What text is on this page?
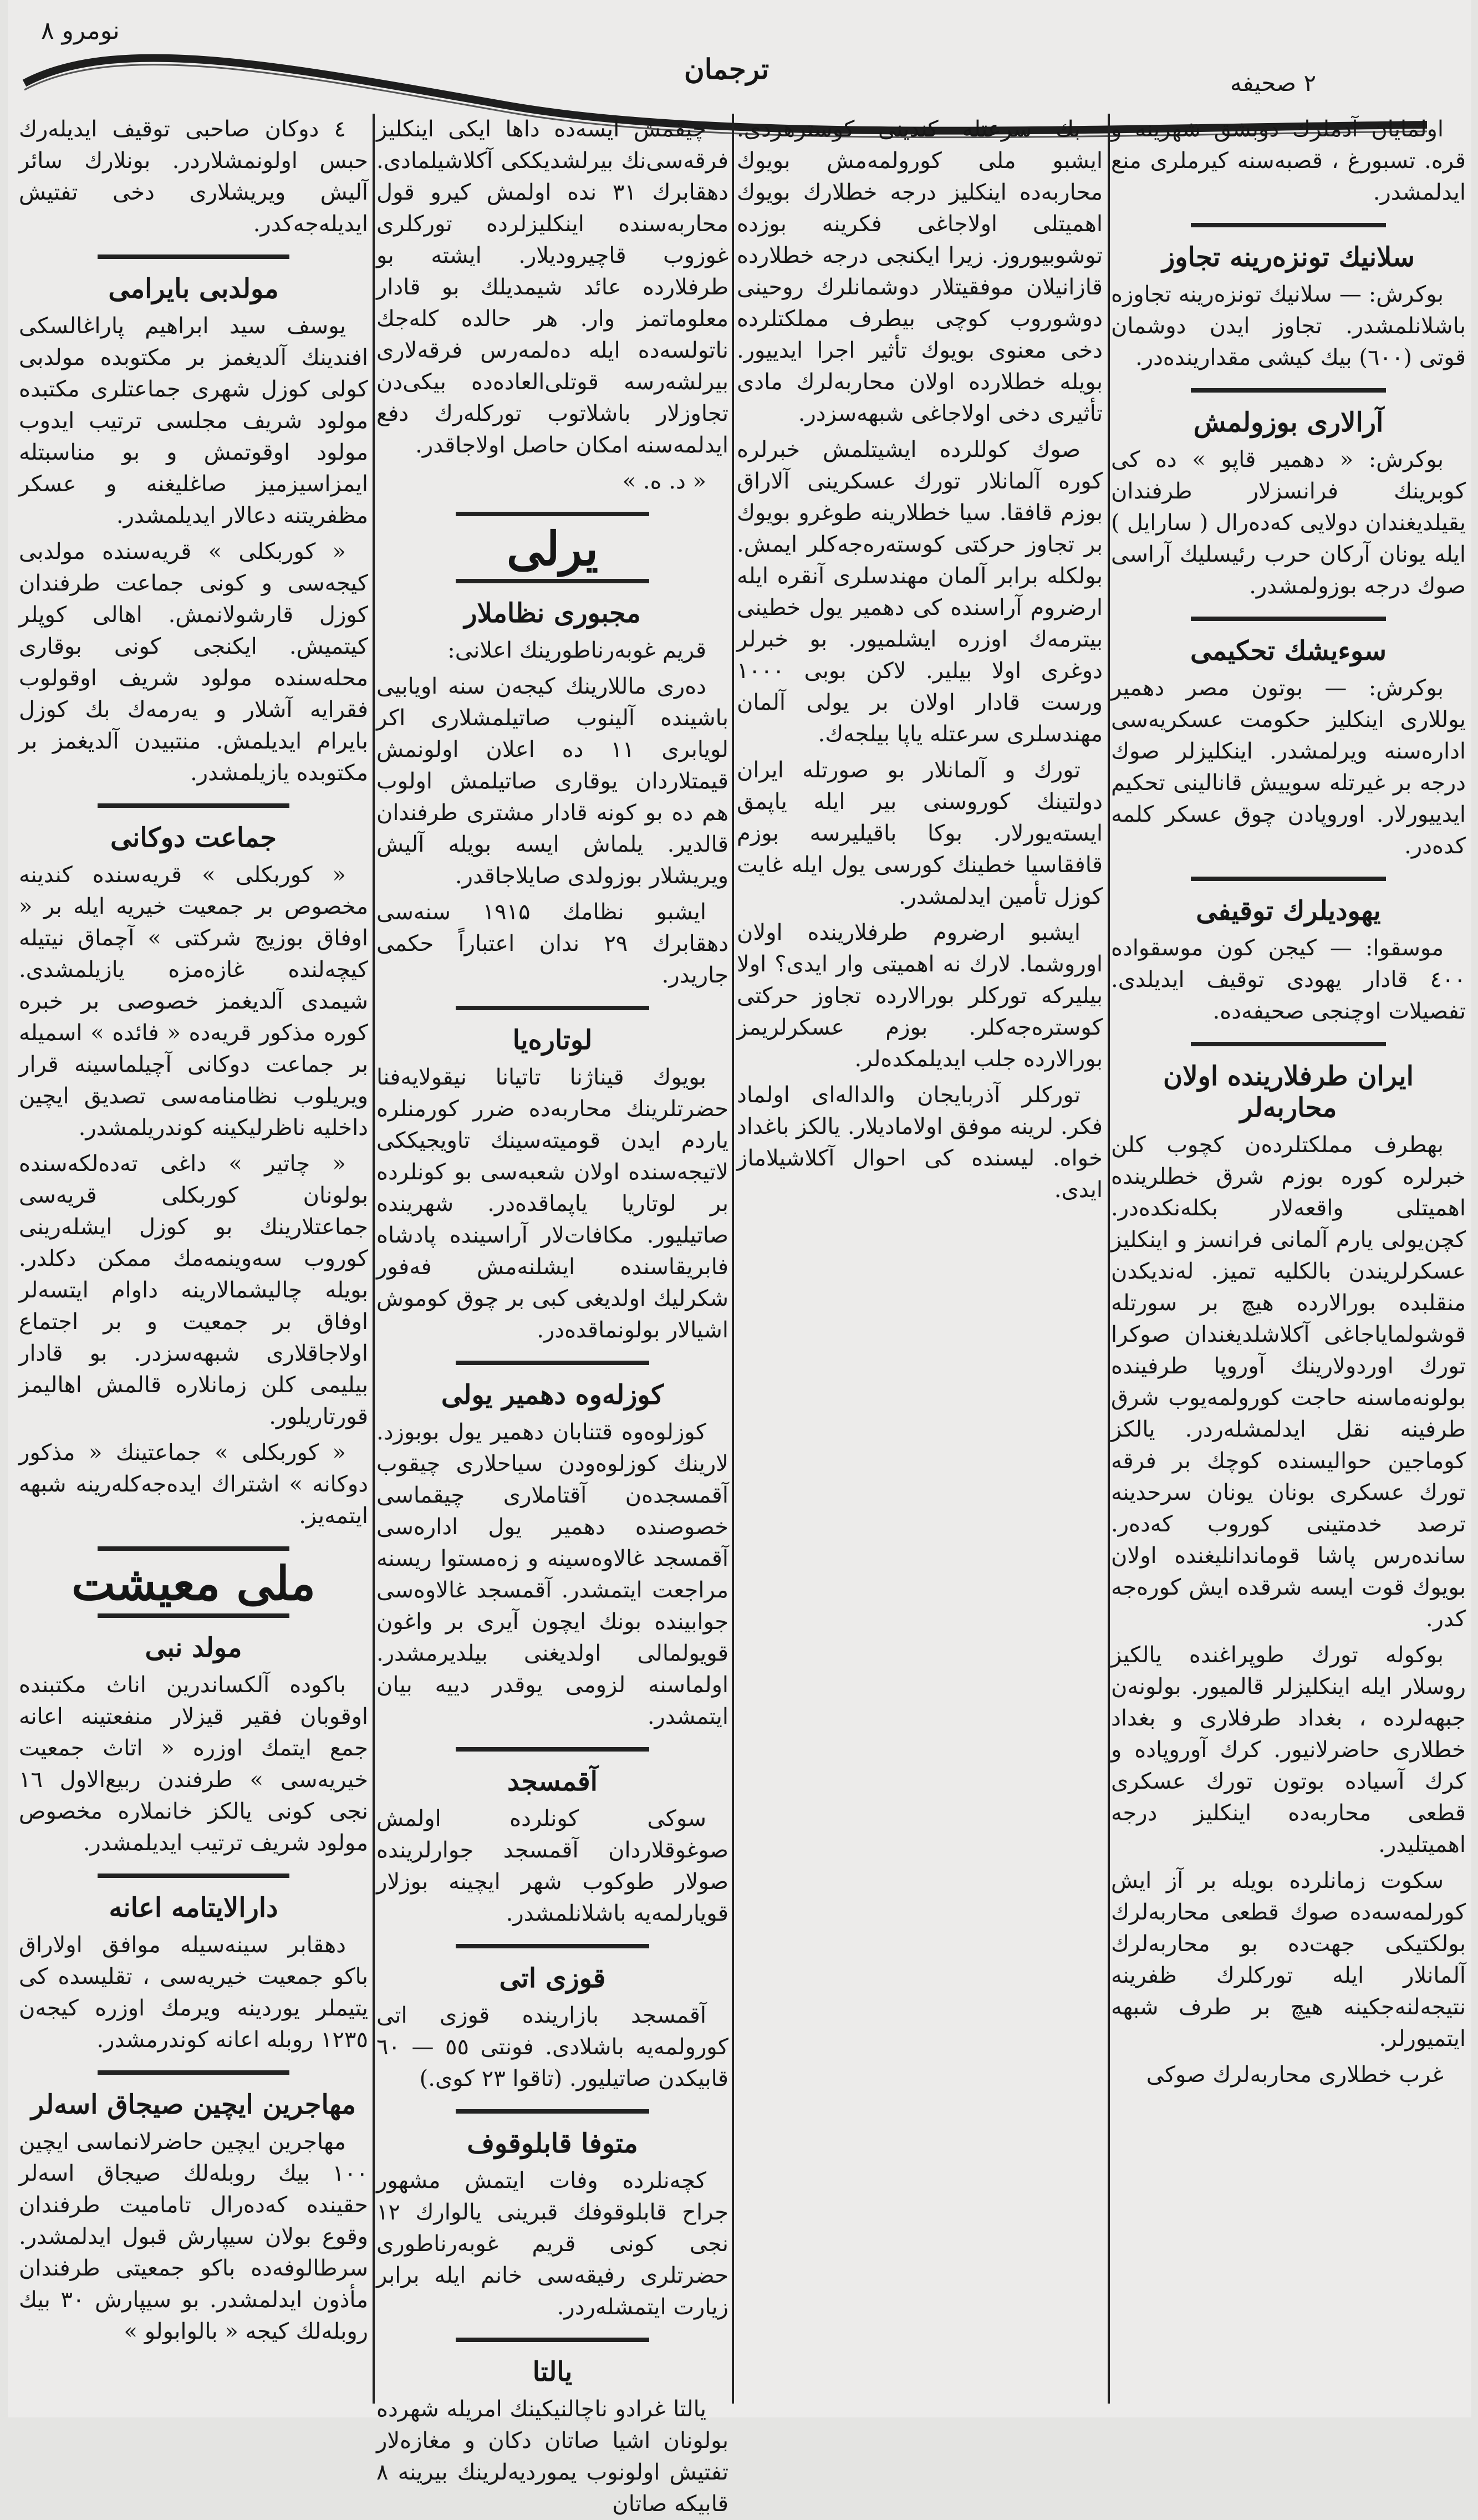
نومرو ٨
ترجمان	۲ صحیفه

اولمایان آدملرك دوبشق شهرینه و قره. تسبورغ ، قصبه‌سنه کیرملری منع ایدلمشدر.

سلانیك تونزه‌رینه تجاوز

بوکرش: — سلانیك تونزه‌رینه تجاوزه باشلانلمشدر. تجاوز ایدن دوشمان قوتی (٦٠٠) بیك کیشی مقدارینده‌در.

آرالاری بوزولمش

بوکرش: « دهمیر قاپو » ده کی کوبرینك فرانسزلار طرفندان یقیلدیغندان دولایی که‌ده‌رال ( سارایل ) ایله یونان آرکان حرب رئیسلیك آراسی صوك درجه بوزولمشدر.

سوءیشك تحکیمی

بوکرش: — بوتون مصر دهمیر یوللاری اینکلیز حکومت عسکریه‌سی اداره‌سنه ویرلمشدر. اینکلیزلر صوك درجه بر غیرتله سوییش قانالینی تحکیم ایدییورلار. اوروپادن چوق عسکر کلمه کده‌در.

یهودیلرك توقیفی

موسقوا: — کیجن کون موسقواده ٤٠٠ قادار یهودی توقیف ایدیلدی. تفصیلات اوچنجی صحیفه‌ده.

ایران طرفلارینده اولان محاربه‌لر

بهطرف مملکتلرده‌ن کچوب کلن خبرلره کوره بوزم شرق خطلرینده اهمیتلی واقعه‌لار بکله‌نکده‌در. کچن‌یولی یارم آلمانی فرانسز و اینکلیز عسکرلریندن بالکلیه تمیز. له‌ندیکدن منقلبده بورالارده هیچ بر سورتله قوشولمایاجاغی آکلاشلدیغندان صوکرا تورك اوردولارینك آوروپا طرفینده بولونه‌ماسنه حاجت کورولمه‌یوب شرق طرفینه نقل ایدلمشله‌ردر. یالکز کوماجین حوالیسنده کوچك بر فرقه تورك عسکری بونان یونان سرحدینه ترصد خدمتینی کوروب که‌ده‌ر. سانده‌رس پاشا قوماندانلیغنده اولان بویوك قوت ایسه شرقده ایش کوره‌جه کدر.

بوکوله تورك طوپراغنده یالکیز روسلار ایله اینکلیزلر قالمیور. بولونه‌ن جبهه‌لرده ، بغداد طرفلاری و بغداد خطلاری حاضرلانیور. کرك آوروپاده و کرك آسیاده بوتون تورك عسکری قطعی محاربه‌ده اینکلیز درجه اهمیتلیدر.

سکوت زمانلرده بویله بر آز ایش کورلمه‌سه‌ده صوك قطعی محاربه‌لرك بولکتیکی جهت‌ده بو محاربه‌لرك آلمانلار ایله تورکلرك ظفرینه نتیجه‌لنه‌جکینه هیچ بر طرف شبهه ایتمیورلر.

غرب خطلاری محاربه‌لرك صوکی

بك سرعتله کندینی کوسترهردی. ایشبو ملی کورولمه‌مش بویوك محاربه‌ده اینکلیز درجه خطلارك بویوك اهمیتلی اولاجاغی فکرینه بوزده توشوبیوروز. زیرا ایکنجی درجه خطلارده قازانیلان موفقیتلار دوشمانلرك روحینی دوشوروب کوچی بیطرف مملکتلرده دخی معنوی بویوك تأثیر اجرا ایدییور. بویله خطلارده اولان محاربه‌لرك مادی تأثیری دخی اولاجاغی شبهه‌سزدر.

صوك کوللرده ایشیتلمش خبرلره کوره آلمانلار تورك عسکرینی آلاراق بوزم قافقا. سیا خطلارینه طوغرو بویوك بر تجاوز حرکتی کوسته‌ره‌جه‌کلر ایمش. بولکله برابر آلمان مهندسلری آنقره ایله ارضروم آراسنده کی دهمیر یول خطینی بیترمه‌ك اوزره ایشلمیور. بو خبرلر دوغری اولا بیلیر. لاکن بوبی ١٠٠٠ ورست قادار اولان بر یولی آلمان مهندسلری سرعتله یاپا بیلجه‌ك.

تورك و آلمانلار بو صورتله ایران دولتینك کوروسنی بیر ایله یاپمق ایسته‌یورلار. بوکا باقیلیرسه بوزم قافقاسیا خطینك کورسی یول ایله غایت کوزل تأمین ایدلمشدر.

ایشبو ارضروم طرفلارینده اولان اوروشما. لارك نه اهمیتی وار ایدی؟ اولا بیلیرکه تورکلر بورالارده تجاوز حرکتی کوستره‌جه‌کلر. بوزم عسکرلریمز بورالارده جلب ایدیلمکده‌لر.

تورکلر آذربایجان والداله‌ای اولماد فکر. لرینه موفق اولامادیلار. یالکز باغداد خواه. لیسنده کی احوال آکلاشیلاماز ایدی.

چیقمش ایسه‌ده داها ایکی اینکلیز فرقه‌سی‌نك بیرلشدیککی آکلاشیلمادی. دهقابرك ۳۱ نده اولمش کیرو قول محاربه‌سنده اینکلیزلرده تورکلری غوزوب قاچیرودیلار. ایشته بو طرفلارده عائد شیمدیلك بو قادار معلوماتمز وار. هر حالده کله‌جك ناتولسه‌ده ایله ده‌لمه‌رس فرقه‌لاری بیرلشه‌رسه قوتلی‌العاده‌ده بیکی‌دن تجاوزلار باشلاتوب تورکله‌رك دفع ایدلمه‌سنه امکان حاصل اولاجاقدر.

« د. ه. »

یرلی
مجبوری نظاملار

قریم غوبه‌رناطورینك اعلانی:

ده‌ری ماللارینك کیجه‌ن سنه اویابیی باشینده آلینوب صاتیلمشلاری اکر لویابری ۱۱ ده اعلان اولونمش قیمتلاردان یوقاری صاتیلمش اولوب هم ده بو کونه قادار مشتری طرفندان قالدیر. یلماش ایسه بویله آلیش ویریشلار بوزولدی صایلاجاقدر.

ایشبو نظامك ۱۹۱۵ سنه‌سی دهقابرك ۲۹ ندان اعتباراً حکمی جاریدر.

لوتاره‌یا

بویوك قیناژنا تاتیانا نیقولایه‌فنا حضرتلرینك محاربه‌ده ضرر کورمنلره یاردم ایدن قومیته‌سینك تاویجیککی لاتیجه‌سنده اولان شعبه‌سی بو کونلرده بر لوتاریا یاپماقده‌در. شهرینده صاتیلیور. مکافات‌لار آراسینده پادشاه فابریقاسنده ایشلنه‌مش فه‌فور شکرلیك اولدیغی کبی بر چوق کوموش اشیالار بولونماقده‌در.

کوزله‌وه دهمیر یولی

کوزلوه‌وه قتنابان دهمیر یول بوبوزد. لارینك کوزلوه‌ودن سیاحلاری چیقوب آقمسجده‌ن آقتاملاری چیقماسی خصوصنده دهمیر یول اداره‌سی آقمسجد غالاوه‌سینه و زه‌مستوا ریسنه مراجعت ایتمشدر. آقمسجد غالاوه‌سی جوابینده بونك ایچون آیری بر واغون قویولمالی اولدیغنی بیلدیرمشدر. اولماسنه لزومی یوقدر دییه بیان ایتمشدر.

آقمسجد

سوکی کونلرده اولمش صوغوقلاردان آقمسجد جوارلرینده صولار طوکوب شهر ایچینه بوزلار قویارلمه‌یه باشلانلمشدر.

قوزی اتی

آقمسجد بازارینده قوزی اتی کورولمه‌یه باشلادی. فونتی ٥٥ — ٦٠ قابیکدن صاتیلیور. (تاقوا ۲۳ کوی.)

متوفا قابلوقوف

کچه‌نلرده وفات ایتمش مشهور جراح قابلوقوفك قبرینی یالوارك ۱۲ نجی کونی قریم غوبه‌رناطوری حضرتلری رفیقه‌سی خانم ایله برابر زیارت ایتمشله‌ردر.

یالتا

یالتا غرادو ناچالنیکینك امریله شهرده بولونان اشیا صاتان دکان و مغازه‌لار تفتیش اولونوب یموردیه‌لرینك بیرینه ٨ قابیکه صاتان

٤ دوکان صاحبی توقیف ایدیله‌رك حبس اولونمشلاردر. بونلارك سائر آلیش ویریشلاری دخی تفتیش ایدیله‌جه‌کدر.

مولدبی بایرامی

یوسف سید ابراهیم پاراغالسکی افندینك آلدیغمز بر مکتوبده مولدبی کولی کوزل شهری جماعتلری مکتبده مولود شریف مجلسی ترتیب ایدوب مولود اوقوتمش و بو مناسبتله‌ ایمزاسیزمیز صاغلیغنه و عسکر مظفریتنه دعالار ایدیلمشدر.

« کوربکلی » قریه‌سنده مولدبی کیجه‌سی و کونی جماعت طرفندان کوزل قارشولانمش. اهالی کوپلر کیتمیش. ایکنجی کونی بوقاری محله‌سنده مولود شریف اوقولوب فقرایه آشلار و یه‌رمه‌ك بك کوزل بایرام ایدیلمش. منتبیدن آلدیغمز بر مکتوبده یازیلمشدر.

جماعت دوکانی

« کوربکلی » قریه‌سنده کندینه مخصوص بر جمعیت خیریه ایله بر « اوفاق بوزیج شرکتی » آچماق نیتیله کیچه‌لنده غازه‌مزه یازیلمشدی. شیمدی آلدیغمز خصوصی بر خبره کوره مذکور قریه‌ده « فائده » اسمیله بر جماعت دوکانی آچیلماسینه قرار ویریلوب نظامنامه‌سی تصدیق ایچین داخلیه ناظرلیکینه کوندریلمشدر.

« چاتیر » داغی ته‌ده‌لکه‌سنده بولونان کوربکلی قریه‌سی جماعتلارینك بو کوزل ایشله‌رینی کوروب سه‌وینمه‌مك ممکن دکلدر. بویله چالیشمالارینه داوام ایتسه‌لر اوفاق بر جمعیت و بر اجتماع اولاجاقلاری شبهه‌سزدر. بو قادار بیلیمی کلن زمانلاره قالمش اهالیمز قورتاریلور.

« کوربکلی » جماعتینك « مذکور دوکانه » اشتراك ایده‌جه‌كله‌رینه شبهه ایتمه‌یز.

ملی معیشت
مولد نبی

باکوده آلکساندرین اناث مکتبنده اوقوبان فقیر قیزلار منفعتینه اعانه جمع ایتمك اوزره « اتاث جمعیت خیریه‌سی » طرفندن ربیع‌الاول ١٦ نجی کونی یالکز خانملاره مخصوص مولود شریف ترتیب ایدیلمشدر.

دارالایتامه اعانه

دهقابر سینه‌سیله موافق اولاراق باکو جمعیت خیریه‌سی ، تقلیسده کی یتیملر یوردینه ویرمك اوزره کیجه‌ن ١٢٣٥ روبله اعانه کوندرمشدر.

مهاجرین ایچین صیجاق اسه‌لر

مهاجرین ایچین حاضرلانماسی ایچین ١٠٠ بیك روبله‌لك صیجاق اسه‌لر حقینده که‌ده‌رال تامامیت طرفندان وقوع بولان سیپارش قبول ایدلمشدر. سرطالوفه‌ده باکو جمعیتی طرفندان مأذون ایدلمشدر. بو سیپارش ٣٠ بیك روبله‌لك کیجه « بالوابولو »
